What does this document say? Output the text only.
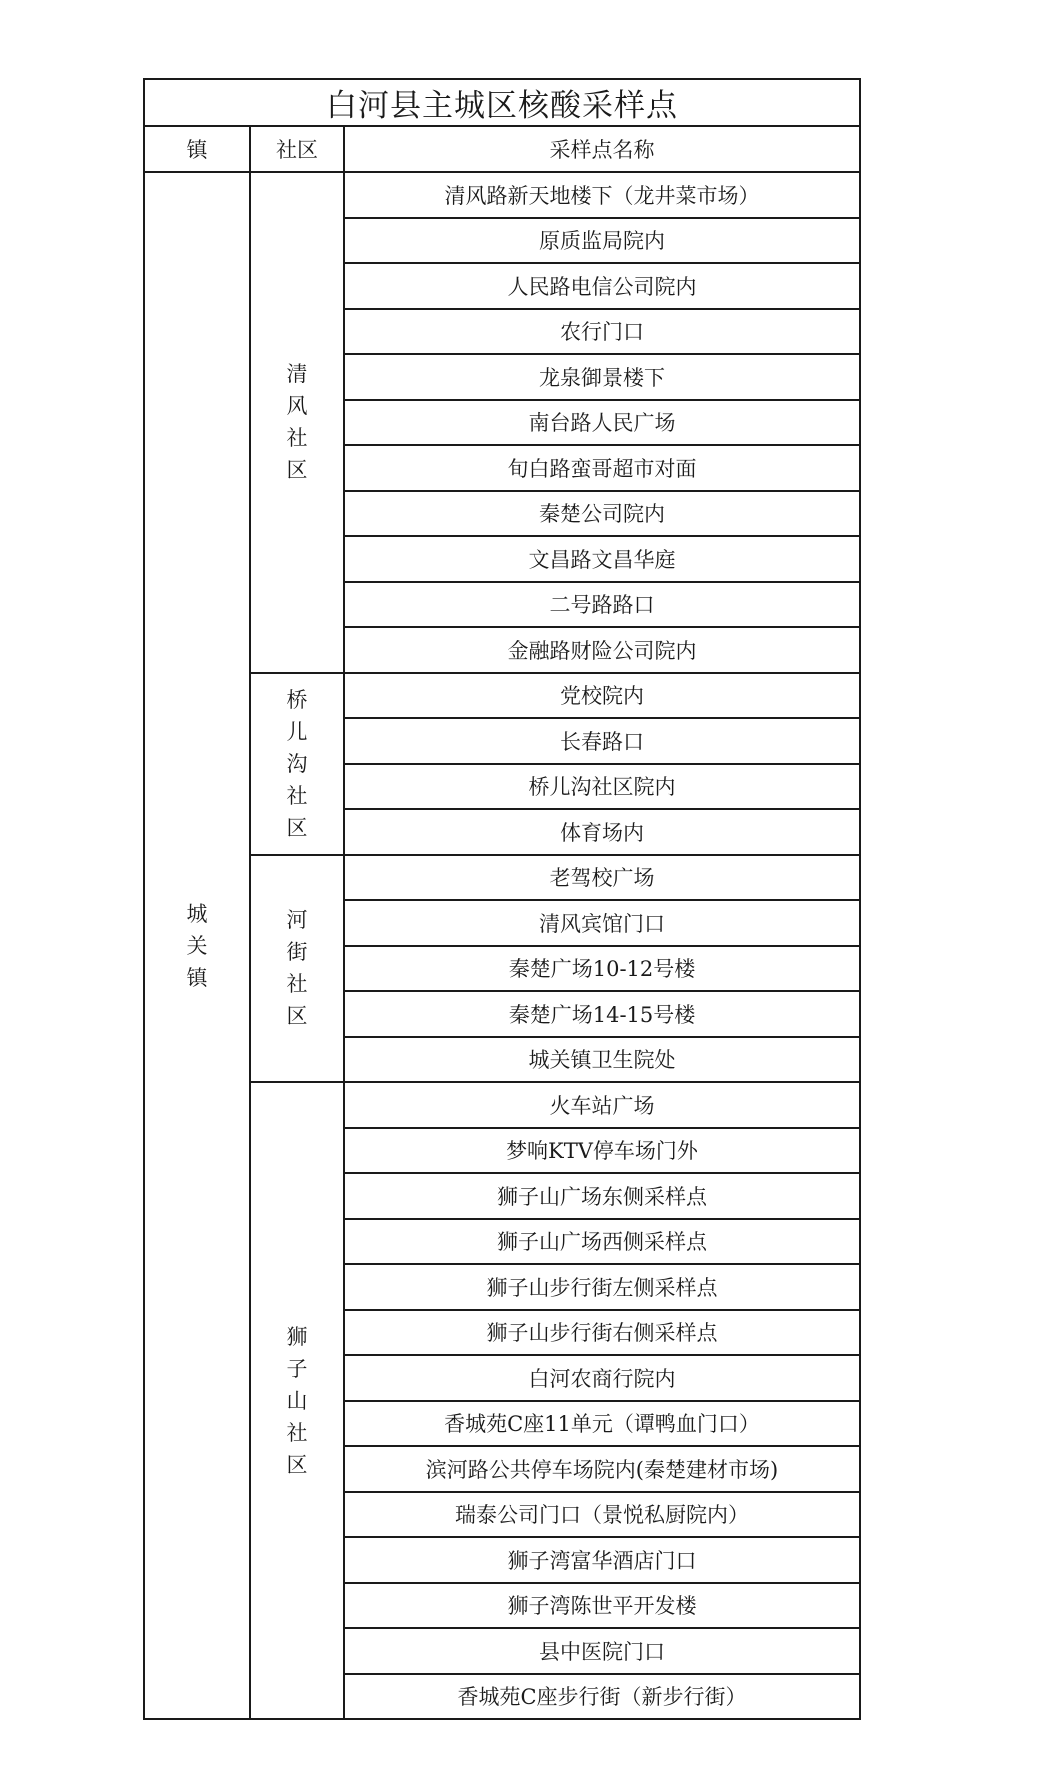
白河县主城区核酸采样点		
镇	社区	采样点名称
城关镇	清风社区	清风路新天地楼下（龙井菜市场）
		原质监局院内
		人民路电信公司院内
		农行门口
		龙泉御景楼下
		南台路人民广场
		旬白路蛮哥超市对面
		秦楚公司院内
		文昌路文昌华庭
		二号路路口
		金融路财险公司院内
	桥儿沟社区	党校院内
		长春路口
		桥儿沟社区院内
		体育场内
	河街社区	老驾校广场
		清风宾馆门口
		秦楚广场10-12号楼
		秦楚广场14-15号楼
		城关镇卫生院处
	狮子山社区	火车站广场
		梦响KTV停车场门外
		狮子山广场东侧采样点
		狮子山广场西侧采样点
		狮子山步行街左侧采样点
		狮子山步行街右侧采样点
		白河农商行院内
		香城苑C座11单元（谭鸭血门口）
		滨河路公共停车场院内(秦楚建材市场)
		瑞泰公司门口（景悦私厨院内）
		狮子湾富华酒店门口
		狮子湾陈世平开发楼
		县中医院门口
		香城苑C座步行街（新步行街）
